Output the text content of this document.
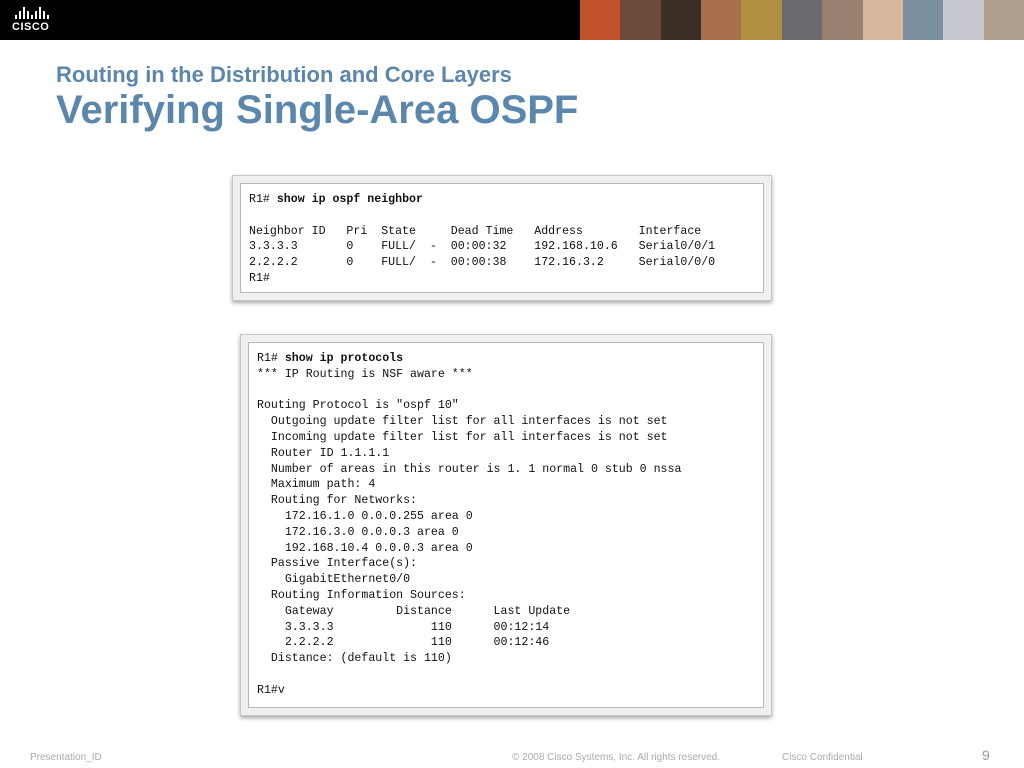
CISCO
Routing in the Distribution and Core Layers
Verifying Single-Area OSPF
R1# show ip ospf neighbor

Neighbor ID   Pri  State     Dead Time   Address        Interface
3.3.3.3       0    FULL/  -  00:00:32    192.168.10.6   Serial0/0/1
2.2.2.2       0    FULL/  -  00:00:38    172.16.3.2     Serial0/0/0
R1#
R1# show ip protocols
*** IP Routing is NSF aware ***

Routing Protocol is "ospf 10"
Outgoing update filter list for all interfaces is not set
Incoming update filter list for all interfaces is not set
Router ID 1.1.1.1
Number of areas in this router is 1. 1 normal 0 stub 0 nssa
Maximum path: 4
Routing for Networks:
172.16.1.0 0.0.0.255 area 0
172.16.3.0 0.0.0.3 area 0
192.168.10.4 0.0.0.3 area 0
Passive Interface(s):
GigabitEthernet0/0
Routing Information Sources:
Gateway         Distance      Last Update
3.3.3.3              110      00:12:14
2.2.2.2              110      00:12:46
Distance: (default is 110)

R1#v
Presentation_ID	© 2008 Cisco Systems, Inc. All rights reserved.	Cisco Confidential	9
